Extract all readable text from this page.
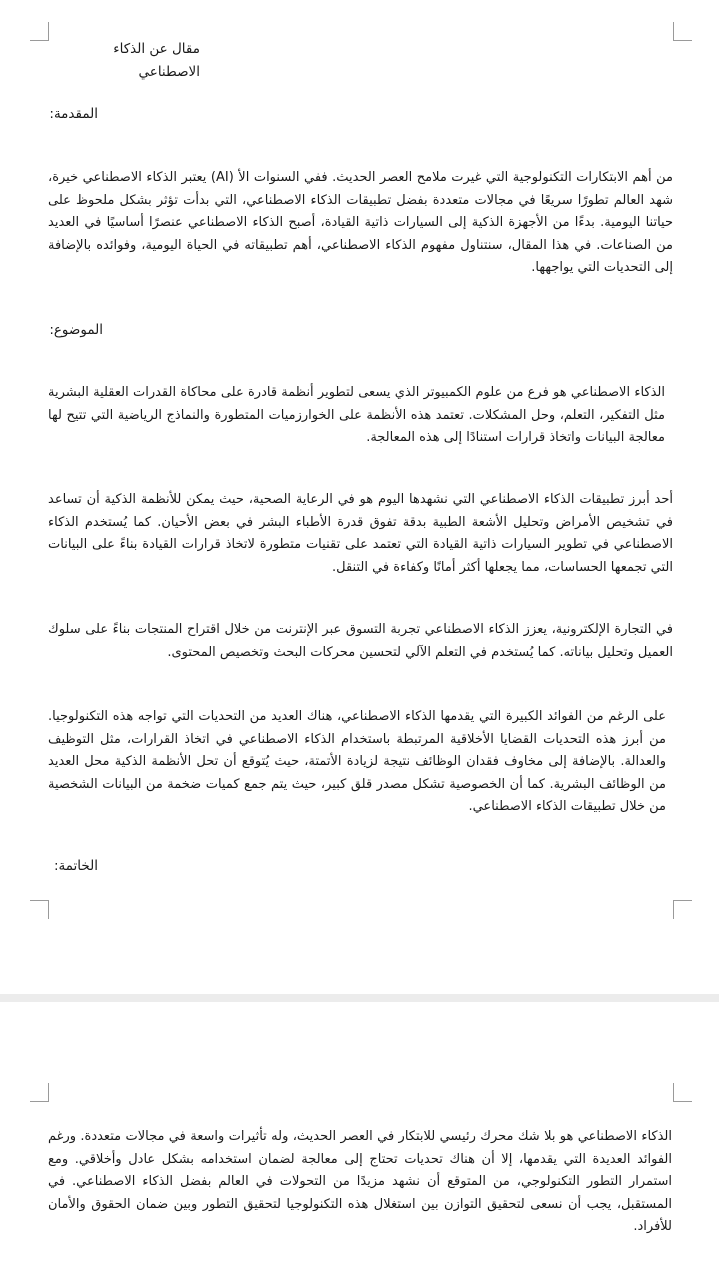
مقال عن الذكاء الاصطناعي
المقدمة:
من أهم الابتكارات التكنولوجية التي غيرت ملامح العصر الحديث. ففي السنوات الأ (AI) يعتبر الذكاء الاصطناعي خيرة، شهد العالم تطورًا سريعًا في مجالات متعددة بفضل تطبيقات الذكاء الاصطناعي، التي بدأت تؤثر بشكل ملحوظ على حياتنا اليومية. بدءًا من الأجهزة الذكية إلى السيارات ذاتية القيادة، أصبح الذكاء الاصطناعي عنصرًا أساسيًا في العديد من الصناعات. في هذا المقال، سنتناول مفهوم الذكاء الاصطناعي، أهم تطبيقاته في الحياة اليومية، وفوائده بالإضافة إلى التحديات التي يواجهها.
الموضوع:
الذكاء الاصطناعي هو فرع من علوم الكمبيوتر الذي يسعى لتطوير أنظمة قادرة على محاكاة القدرات العقلية البشرية مثل التفكير، التعلم، وحل المشكلات. تعتمد هذه الأنظمة على الخوارزميات المتطورة والنماذج الرياضية التي تتيح لها معالجة البيانات واتخاذ قرارات استنادًا إلى هذه المعالجة.
أحد أبرز تطبيقات الذكاء الاصطناعي التي نشهدها اليوم هو في الرعاية الصحية، حيث يمكن للأنظمة الذكية أن تساعد في تشخيص الأمراض وتحليل الأشعة الطبية بدقة تفوق قدرة الأطباء البشر في بعض الأحيان. كما يُستخدم الذكاء الاصطناعي في تطوير السيارات ذاتية القيادة التي تعتمد على تقنيات متطورة لاتخاذ قرارات القيادة بناءً على البيانات التي تجمعها الحساسات، مما يجعلها أكثر أمانًا وكفاءة في التنقل.
في التجارة الإلكترونية، يعزز الذكاء الاصطناعي تجربة التسوق عبر الإنترنت من خلال اقتراح المنتجات بناءً على سلوك العميل وتحليل بياناته. كما يُستخدم في التعلم الآلي لتحسين محركات البحث وتخصيص المحتوى.
على الرغم من الفوائد الكبيرة التي يقدمها الذكاء الاصطناعي، هناك العديد من التحديات التي تواجه هذه التكنولوجيا. من أبرز هذه التحديات القضايا الأخلاقية المرتبطة باستخدام الذكاء الاصطناعي في اتخاذ القرارات، مثل التوظيف والعدالة. بالإضافة إلى مخاوف فقدان الوظائف نتيجة لزيادة الأتمتة، حيث يُتوقع أن تحل الأنظمة الذكية محل العديد من الوظائف البشرية. كما أن الخصوصية تشكل مصدر قلق كبير، حيث يتم جمع كميات ضخمة من البيانات الشخصية من خلال تطبيقات الذكاء الاصطناعي.
الخاتمة:
الذكاء الاصطناعي هو بلا شك محرك رئيسي للابتكار في العصر الحديث، وله تأثيرات واسعة في مجالات متعددة. ورغم الفوائد العديدة التي يقدمها، إلا أن هناك تحديات تحتاج إلى معالجة لضمان استخدامه بشكل عادل وأخلاقي. ومع استمرار التطور التكنولوجي، من المتوقع أن نشهد مزيدًا من التحولات في العالم بفضل الذكاء الاصطناعي. في المستقبل، يجب أن نسعى لتحقيق التوازن بين استغلال هذه التكنولوجيا لتحقيق التطور وبين ضمان الحقوق والأمان للأفراد.
